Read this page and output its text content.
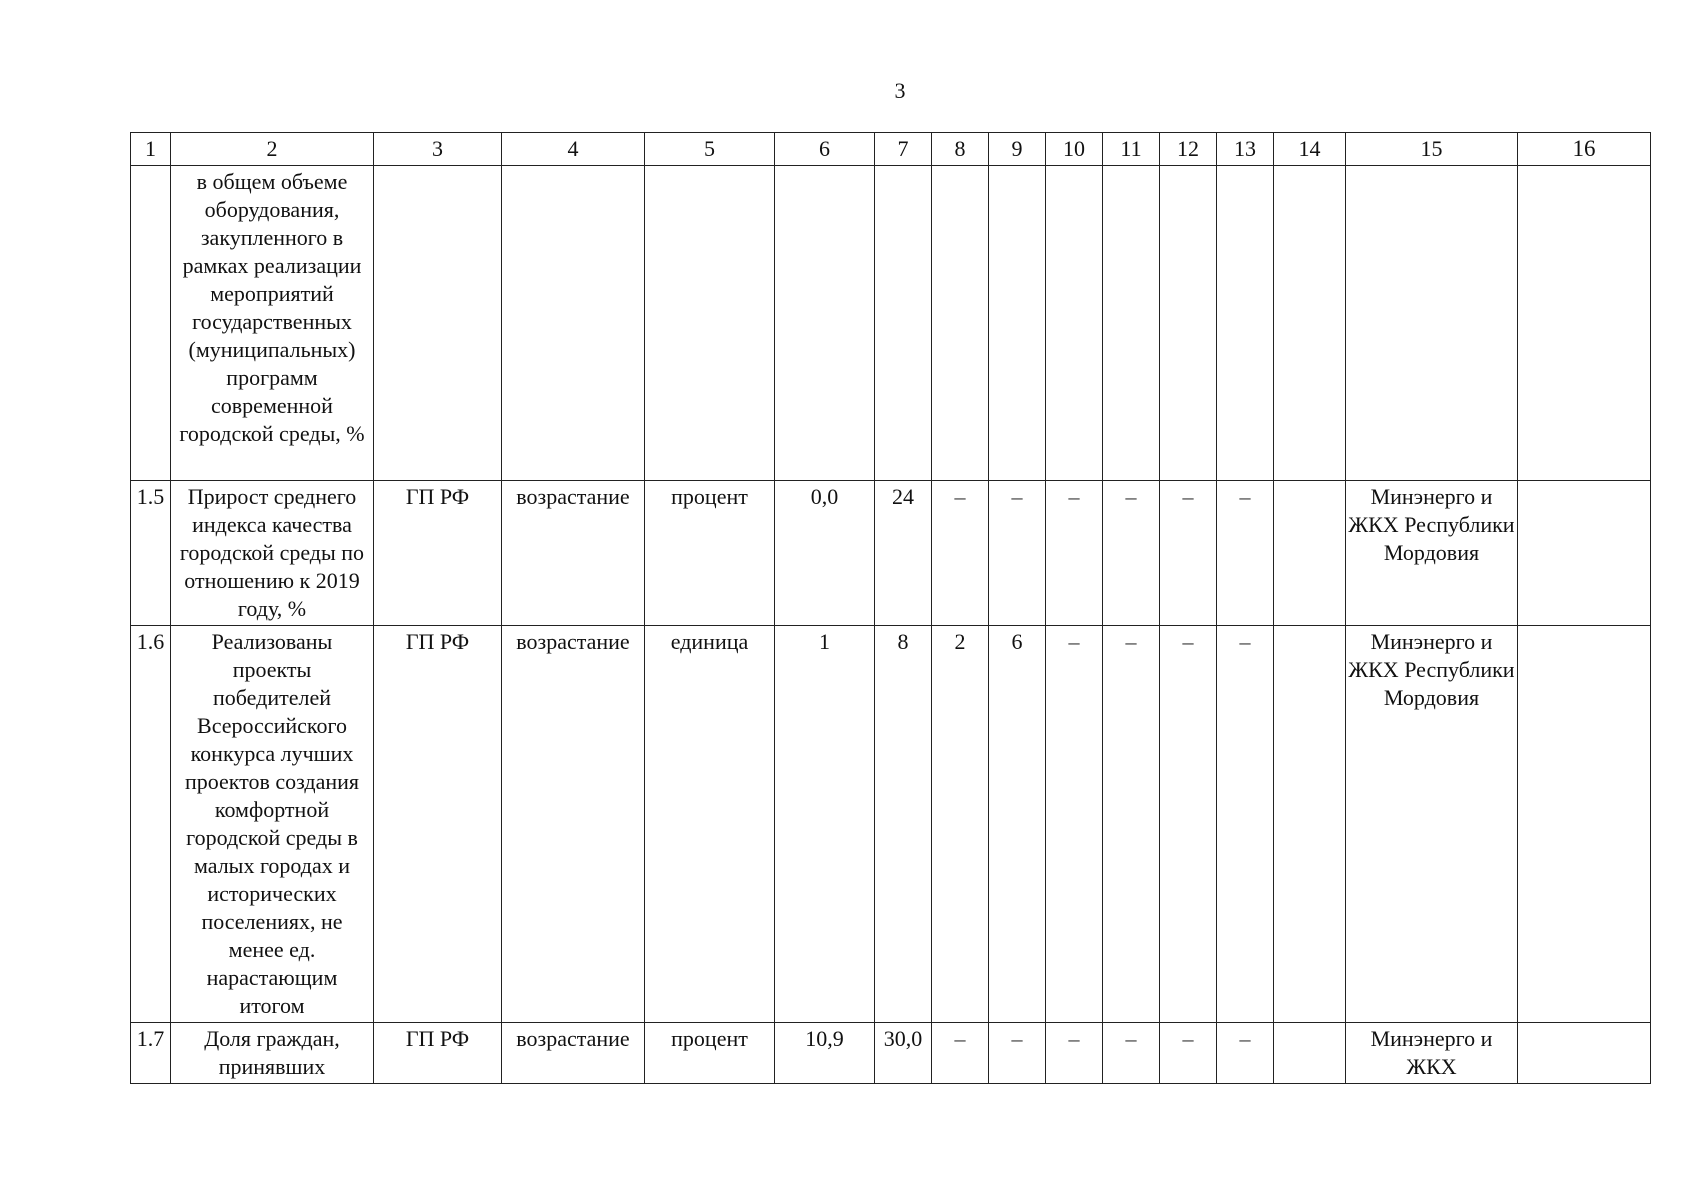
3
1	2	3	4	5	6	7	8	9	10	11	12	13	14	15	16
	в общем объеме оборудования, закупленного в рамках реализации мероприятий государственных (муниципальных) программ современной городской среды, %														
1.5	Прирост среднего индекса качества городской среды по отношению к 2019 году, %	ГП РФ	возрастание	процент	0,0	24	–	–	–	–	–	–		Минэнерго и ЖКХ Республики Мордовия	
1.6	Реализованы проекты победителей Всероссийского конкурса лучших проектов создания комфортной городской среды в малых городах и исторических поселениях, не менее ед. нарастающим итогом	ГП РФ	возрастание	единица	1	8	2	6	–	–	–	–		Минэнерго и ЖКХ Республики Мордовия	
1.7	Доля граждан, принявших	ГП РФ	возрастание	процент	10,9	30,0	–	–	–	–	–	–		Минэнерго и ЖКХ	
